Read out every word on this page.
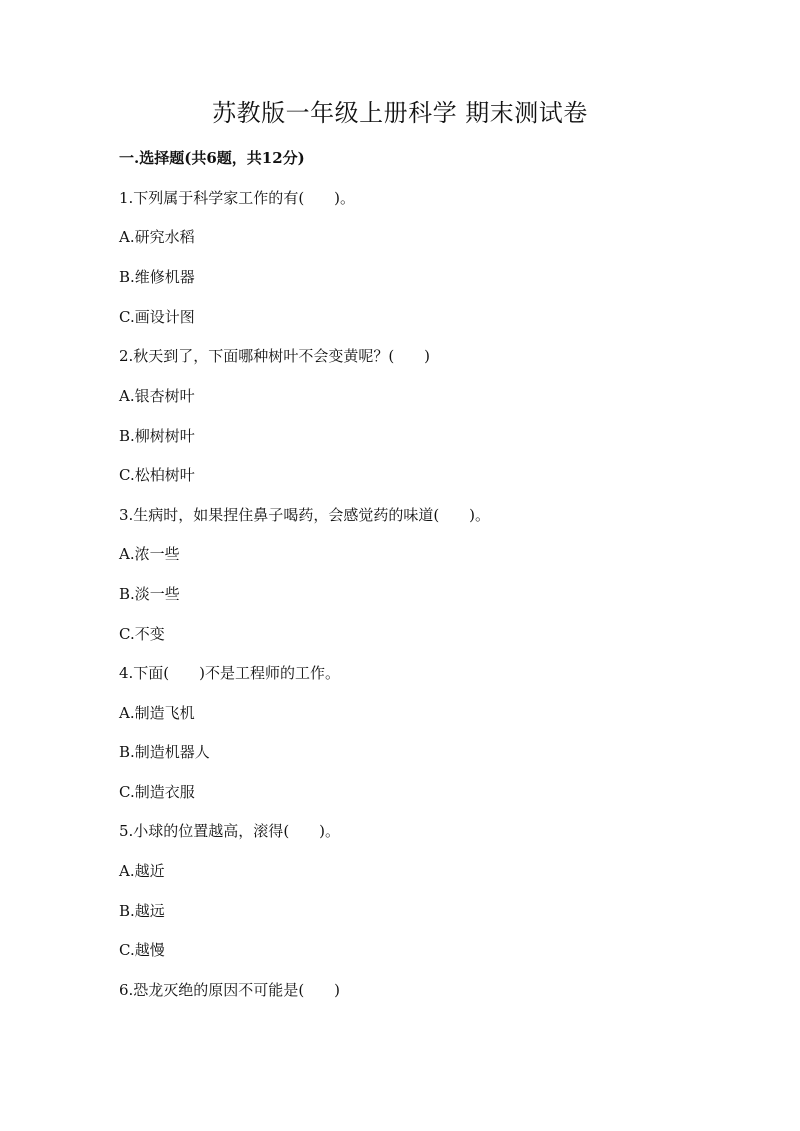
苏教版一年级上册科学 期末测试卷
一.选择题(共6题，共12分)
1.下列属于科学家工作的有(　　)。
A.研究水稻
B.维修机器
C.画设计图
2.秋天到了，下面哪种树叶不会变黄呢？(　　)
A.银杏树叶
B.柳树树叶
C.松柏树叶
3.生病时，如果捏住鼻子喝药，会感觉药的味道(　　)。
A.浓一些
B.淡一些
C.不变
4.下面(　　)不是工程师的工作。
A.制造飞机
B.制造机器人
C.制造衣服
5.小球的位置越高，滚得(　　)。
A.越近
B.越远
C.越慢
6.恐龙灭绝的原因不可能是(　　)
